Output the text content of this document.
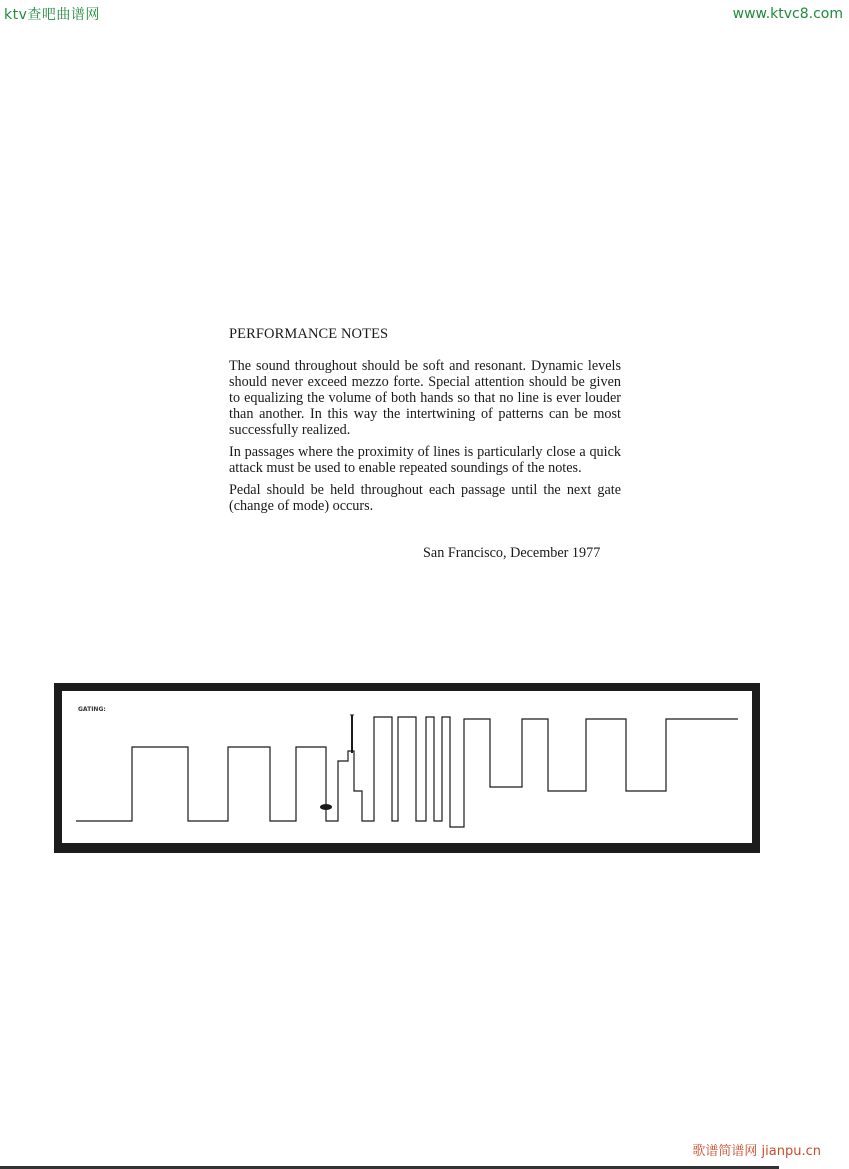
ktv查吧曲谱网	www.ktvc8.com
PERFORMANCE NOTES

The sound throughout should be soft and resonant. Dynamic levels should never exceed mezzo forte. Special attention should be given to equalizing the volume of both hands so that no line is ever louder than another. In this way the intertwining of patterns can be most successfully realized.

In passages where the proximity of lines is particularly close a quick attack must be used to enable repeated soundings of the notes.

Pedal should be held throughout each passage until the next gate (change of mode) occurs.

San Francisco, December 1977
GATING:
歌谱简谱网 jianpu.cn
